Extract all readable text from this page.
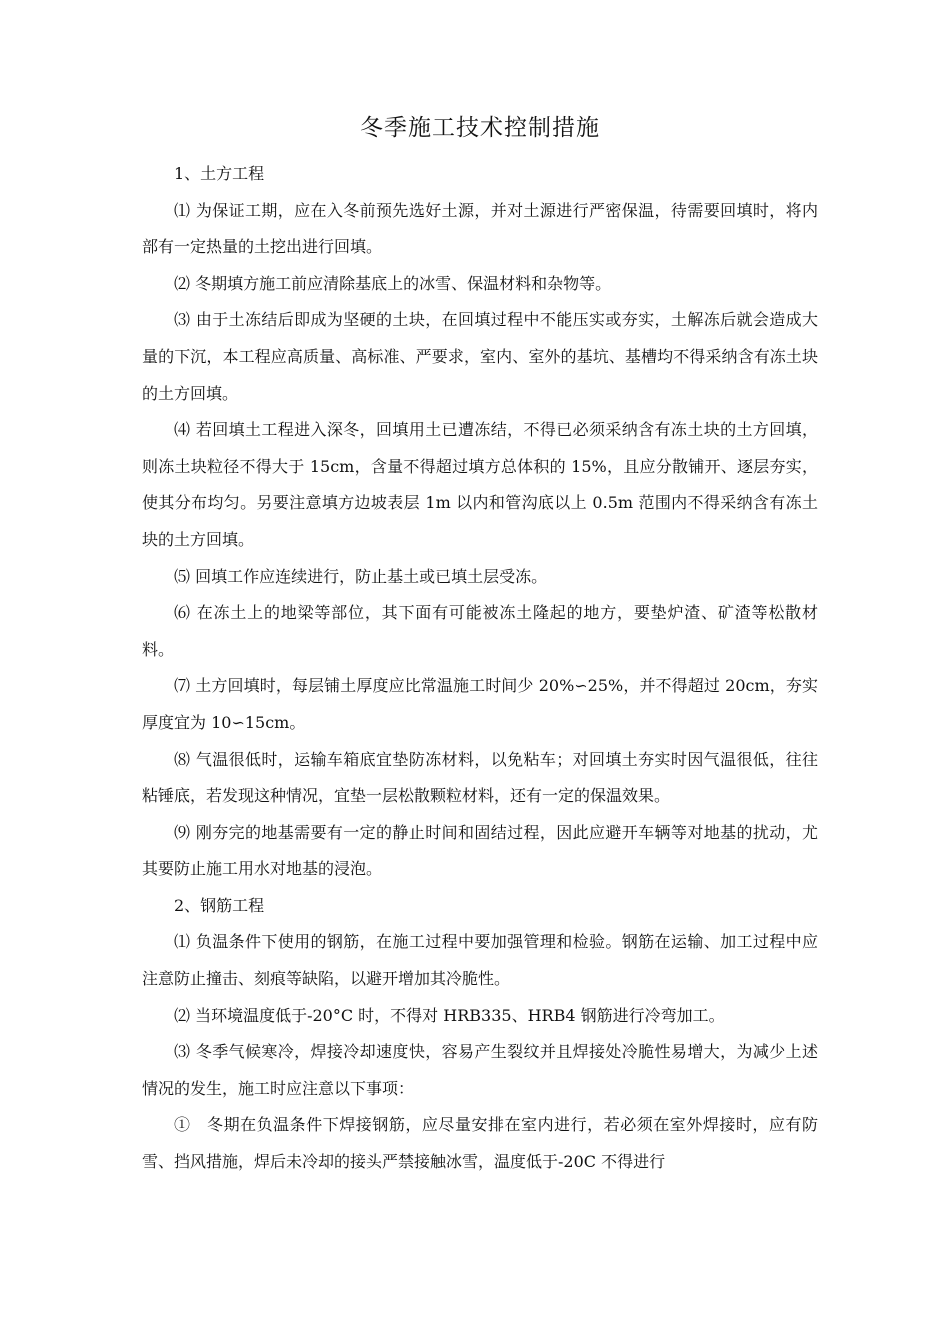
冬季施工技术控制措施

1、土方工程

⑴ 为保证工期，应在入冬前预先选好土源，并对土源进行严密保温，待需要回填时，将内部有一定热量的土挖出进行回填。

⑵ 冬期填方施工前应清除基底上的冰雪、保温材料和杂物等。

⑶ 由于土冻结后即成为坚硬的土块，在回填过程中不能压实或夯实，土解冻后就会造成大量的下沉，本工程应高质量、高标准、严要求，室内、室外的基坑、基槽均不得采纳含有冻土块的土方回填。

⑷ 若回填土工程进入深冬，回填用土已遭冻结，不得已必须采纳含有冻土块的土方回填，则冻土块粒径不得大于 15cm，含量不得超过填方总体积的 15%，且应分散铺开、逐层夯实，使其分布均匀。另要注意填方边坡表层 1m 以内和管沟底以上 0.5m 范围内不得采纳含有冻土块的土方回填。

⑸ 回填工作应连续进行，防止基土或已填土层受冻。

⑹ 在冻土上的地梁等部位，其下面有可能被冻土隆起的地方，要垫炉渣、矿渣等松散材料。

⑺ 土方回填时，每层铺土厚度应比常温施工时间少 20%∽25%，并不得超过 20cm，夯实厚度宜为 10∽15cm。

⑻ 气温很低时，运输车箱底宜垫防冻材料，以免粘车；对回填土夯实时因气温很低，往往粘锤底，若发现这种情况，宜垫一层松散颗粒材料，还有一定的保温效果。

⑼ 刚夯完的地基需要有一定的静止时间和固结过程，因此应避开车辆等对地基的扰动，尤其要防止施工用水对地基的浸泡。

2、钢筋工程

⑴ 负温条件下使用的钢筋，在施工过程中要加强管理和检验。钢筋在运输、加工过程中应注意防止撞击、刻痕等缺陷，以避开增加其冷脆性。

⑵ 当环境温度低于-20°C 时，不得对 HRB335、HRB4 钢筋进行冷弯加工。

⑶ 冬季气候寒冷，焊接冷却速度快，容易产生裂纹并且焊接处冷脆性易增大，为减少上述情况的发生，施工时应注意以下事项：

①　冬期在负温条件下焊接钢筋，应尽量安排在室内进行，若必须在室外焊接时，应有防雪、挡风措施，焊后未冷却的接头严禁接触冰雪，温度低于-20C 不得进行
